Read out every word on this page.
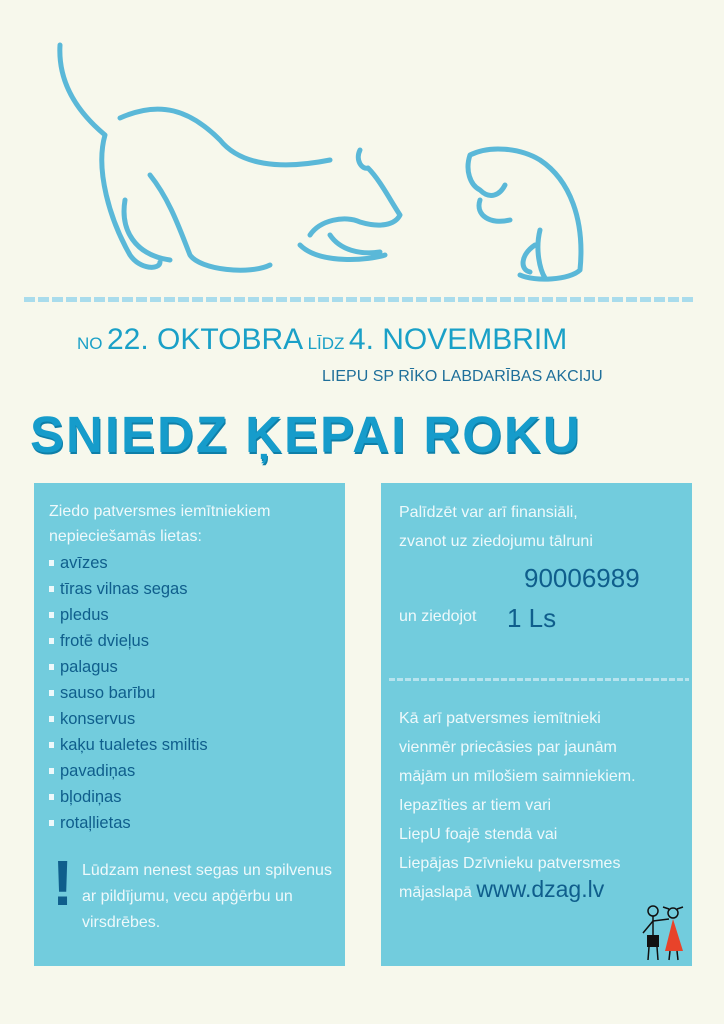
NO 22. OKTOBRA LĪDZ 4. NOVEMBRIM
LIEPU SP RĪKO LABDARĪBAS AKCIJU
SNIEDZ ĶEPAI ROKU
Ziedo patversmes iemītniekiem
nepieciešamās lietas:
avīzes
tīras vilnas segas
pledus
frotē dvieļus
palagus
sauso barību
konservus
kaķu tualetes smiltis
pavadiņas
bļodiņas
rotaļlietas
! Lūdzam nenest segas un spilvenus ar pildījumu, vecu apģērbu un virsdrēbes.
Palīdzēt var arī finansiāli,
zvanot uz ziedojumu tālruni
90006989
un ziedojot 1 Ls
Kā arī patversmes iemītnieki
vienmēr priecāsies par jaunām
mājām un mīlošiem saimniekiem.
Iepazīties ar tiem vari
LiepU foajē stendā vai
Liepājas Dzīvnieku patversmes
mājaslapā www.dzag.lv
